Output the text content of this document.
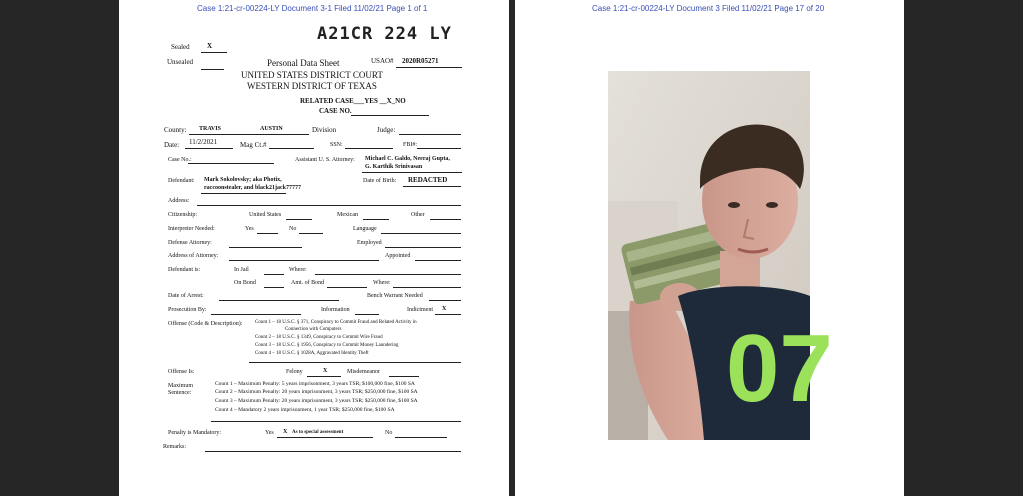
Case 1:21-cr-00224-LY Document 3-1 Filed 11/02/21 Page 1 of 1
A21CR 224 LY
Sealed X
Unsealed	Personal Data Sheet	USAO# 2020R05271
UNITED STATES DISTRICT COURT
WESTERN DISTRICT OF TEXAS
RELATED CASE___YES __X_NO
CASE NO.
County: TRAVIS	AUSTIN	Division	Judge:
Date: 11/2/2021	Mag Ct.#	SSN:	FBI#:
Case No.:	Assistant U. S. Attorney: Michael C. Galdo, Neeraj Gupta,
G. Karthik Srinivasan
Defendant: Mark Sokolovsky; aka Photix,
raccoonstealer, and black21jack77777
Date of Birth: REDACTED
Address:
Citizenship:	United States	Mexican	Other
Interpreter Needed:	Yes	No	Language
Defense Attorney:	Employed
Address of Attorney:	Appointed
Defendant is:	In Jail	Where:
On Bond	Amt. of Bond	Where:
Date of Arrest:	Bench Warrant Needed
Prosecution By:	Information	Indictment X
Offense (Code & Description):	Count 1 – 18 U.S.C. § 371, Conspiracy to Commit Fraud and Related Activity in
Connection with Computers
Count 2 – 18 U.S.C. § 1349, Conspiracy to Commit Wire Fraud
Count 3 – 18 U.S.C. § 1956, Conspiracy to Commit Money Laundering
Count 4 – 18 U.S.C. § 1028A, Aggravated Identity Theft
Offense Is:	Felony	X	Misdemeanor
Maximum
Sentence:
Count 1 – Maximum Penalty: 5 years imprisonment, 3 years TSR; $100,000 fine, $100 SA
Count 2 – Maximum Penalty: 20 years imprisonment, 3 years TSR; $250,000 fine, $100 SA
Count 3 – Maximum Penalty: 20 years imprisonment, 3 years TSR; $250,000 fine, $100 SA
Count 4 – Mandatory 2 years imprisonment, 1 year TSR; $250,000 fine, $100 SA
Penalty is Mandatory:	Yes X As to special assessment	No
Remarks:
Case 1:21-cr-00224-LY Document 3 Filed 11/02/21 Page 17 of 20
07
